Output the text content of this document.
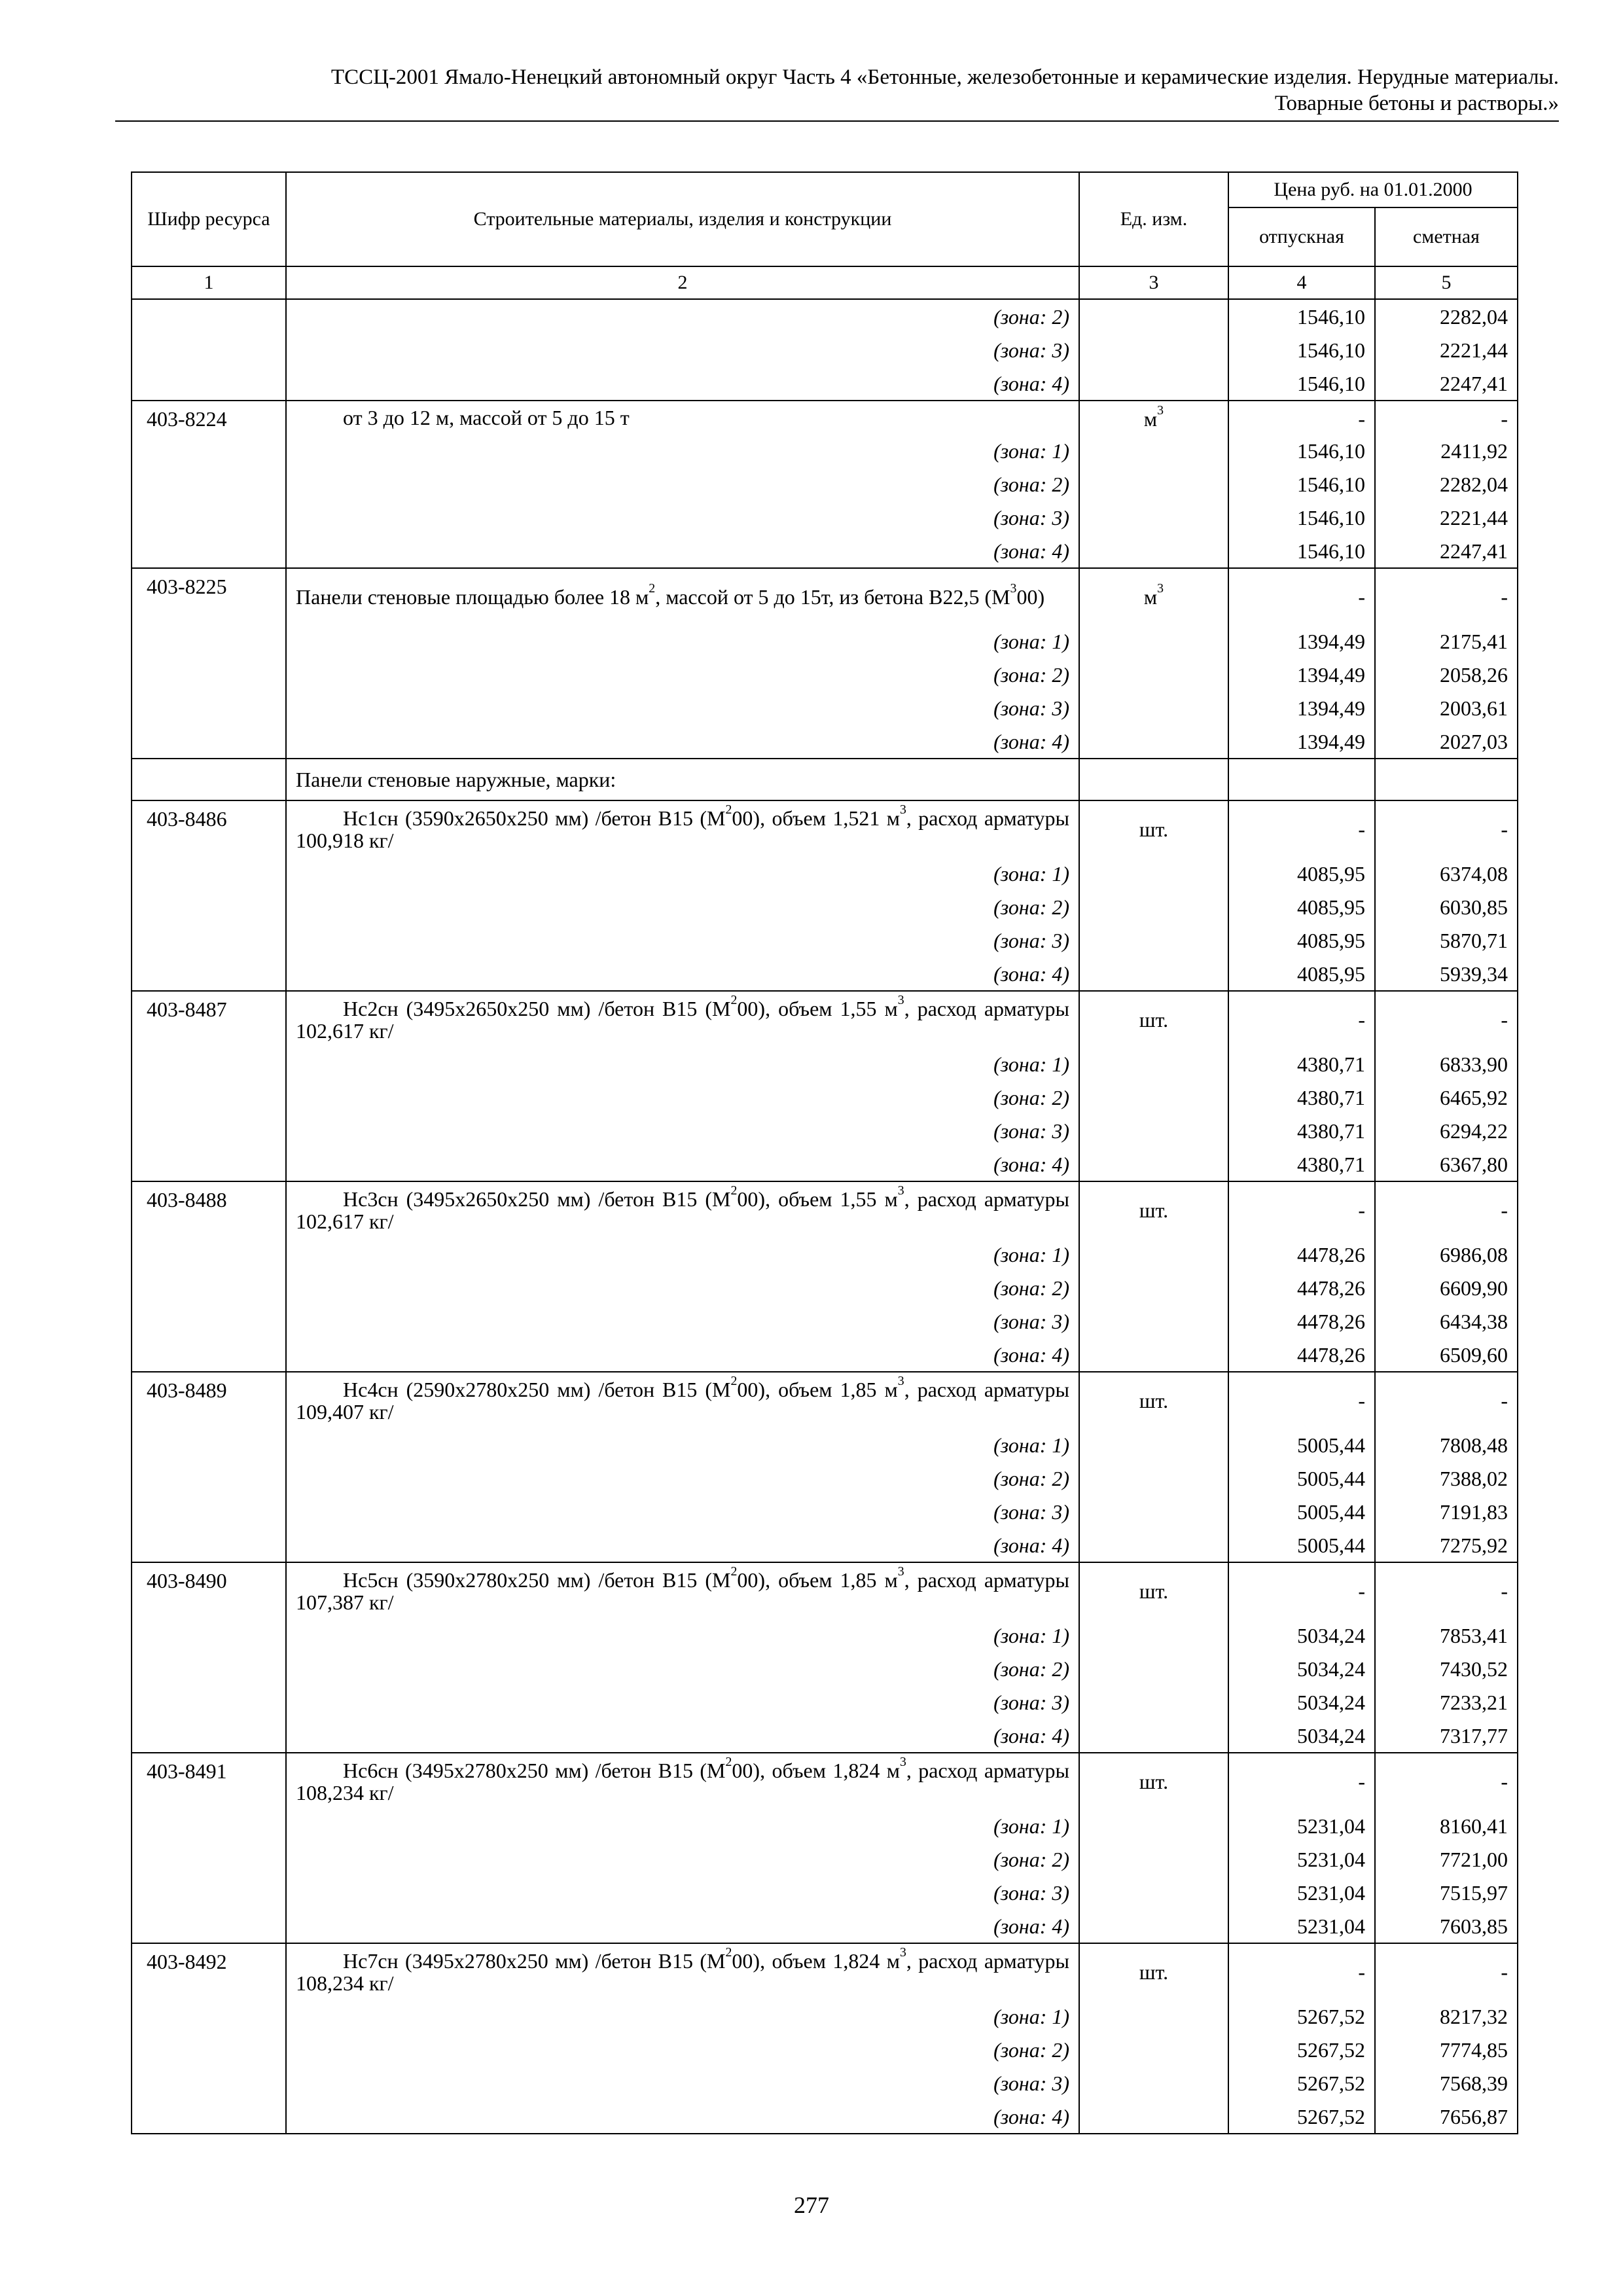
ТССЦ-2001 Ямало-Ненецкий автономный округ Часть 4 «Бетонные, железобетонные и керамические изделия. Нерудные материалы.
Товарные бетоны и растворы.»
Шифр ресурса	Строительные материалы, изделия и конструкции	Ед. изм.	Цена руб. на 01.01.2000	
			отпускная	сметная
1	2	3	4	5
	(зона: 2)		1546,10	2282,04
	(зона: 3)		1546,10	2221,44
	(зона: 4)		1546,10	2247,41
403-8224	от 3 до 12 м, массой от 5 до 15 т	$м^3$	-	-
	(зона: 1)		1546,10	2411,92
	(зона: 2)		1546,10	2282,04
	(зона: 3)		1546,10	2221,44
	(зона: 4)		1546,10	2247,41
403-8225	Панели стеновые площадью более 18 $м^2$, массой от 5 до 15т, из бетона В22,5 $(М^300)$	$м^3$	-	-
	(зона: 1)		1394,49	2175,41
	(зона: 2)		1394,49	2058,26
	(зона: 3)		1394,49	2003,61
	(зона: 4)		1394,49	2027,03
	Панели стеновые наружные, марки:			
403-8486	Нс1сн (3590х2650х250 мм) /бетон В15 $(М^200)$, объем 1,521 $м^3$, расход арматуры 100,918 кг/	шт.	-	-
	(зона: 1)		4085,95	6374,08
	(зона: 2)		4085,95	6030,85
	(зона: 3)		4085,95	5870,71
	(зона: 4)		4085,95	5939,34
403-8487	Нс2сн (3495х2650х250 мм) /бетон В15 $(М^200)$, объем 1,55 $м^3$, расход арматуры 102,617 кг/	шт.	-	-
	(зона: 1)		4380,71	6833,90
	(зона: 2)		4380,71	6465,92
	(зона: 3)		4380,71	6294,22
	(зона: 4)		4380,71	6367,80
403-8488	Нс3сн (3495х2650х250 мм) /бетон В15 $(М^200)$, объем 1,55 $м^3$, расход арматуры 102,617 кг/	шт.	-	-
	(зона: 1)		4478,26	6986,08
	(зона: 2)		4478,26	6609,90
	(зона: 3)		4478,26	6434,38
	(зона: 4)		4478,26	6509,60
403-8489	Нс4сн (2590х2780х250 мм) /бетон В15 $(М^200)$, объем 1,85 $м^3$, расход арматуры 109,407 кг/	шт.	-	-
	(зона: 1)		5005,44	7808,48
	(зона: 2)		5005,44	7388,02
	(зона: 3)		5005,44	7191,83
	(зона: 4)		5005,44	7275,92
403-8490	Нс5сн (3590х2780х250 мм) /бетон В15 $(М^200)$, объем 1,85 $м^3$, расход арматуры 107,387 кг/	шт.	-	-
	(зона: 1)		5034,24	7853,41
	(зона: 2)		5034,24	7430,52
	(зона: 3)		5034,24	7233,21
	(зона: 4)		5034,24	7317,77
403-8491	Нс6сн (3495х2780х250 мм) /бетон В15 $(М^200)$, объем 1,824 $м^3$, расход арматуры 108,234 кг/	шт.	-	-
	(зона: 1)		5231,04	8160,41
	(зона: 2)		5231,04	7721,00
	(зона: 3)		5231,04	7515,97
	(зона: 4)		5231,04	7603,85
403-8492	Нс7сн (3495х2780х250 мм) /бетон В15 $(М^200)$, объем 1,824 $м^3$, расход арматуры 108,234 кг/	шт.	-	-
	(зона: 1)		5267,52	8217,32
	(зона: 2)		5267,52	7774,85
	(зона: 3)		5267,52	7568,39
	(зона: 4)		5267,52	7656,87
277
